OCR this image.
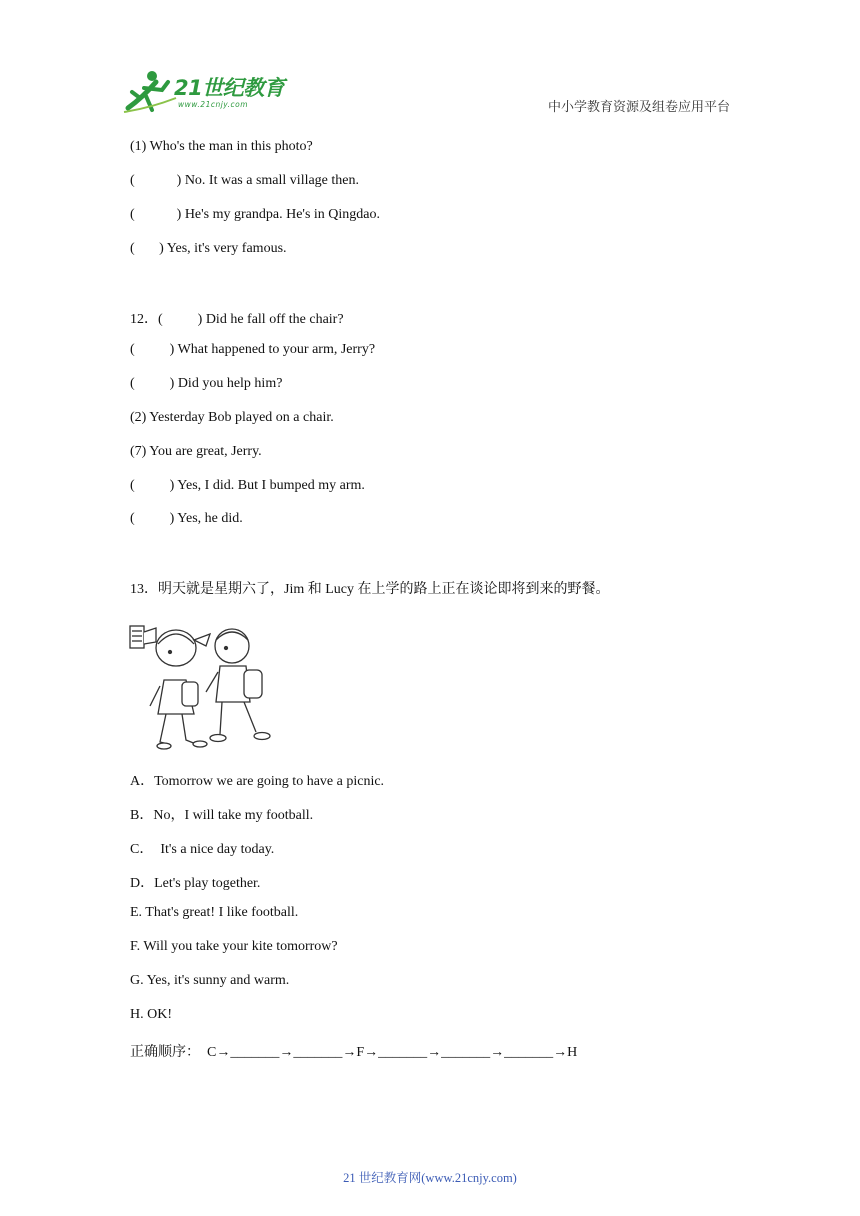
21世纪教育
www.21cnjy.com	中小学教育资源及组卷应用平台
(1) Who's the man in this photo?
(            ) No. It was a small village then.
(            ) He's my grandpa. He's in Qingdao.
(       ) Yes, it's very famous.
12．(          ) Did he fall off the chair?
(          ) What happened to your arm, Jerry?
(          ) Did you help him?
(2) Yesterday Bob played on a chair.
(7) You are great, Jerry.
(          ) Yes, I did. But I bumped my arm.
(          ) Yes, he did.
13．明天就是星期六了，Jim 和 Lucy 在上学的路上正在谈论即将到来的野餐。
A．Tomorrow we are going to have a picnic.
B．No，I will take my football.
C．  It's a nice day today.
D．Let's play together.
E. That's great! I like football.
F. Will you take your kite tomorrow?
G. Yes, it's sunny and warm.
H. OK!
正确顺序：  C→_______→_______→F→_______→_______→_______→H
21 世纪教育网(www.21cnjy.com)
